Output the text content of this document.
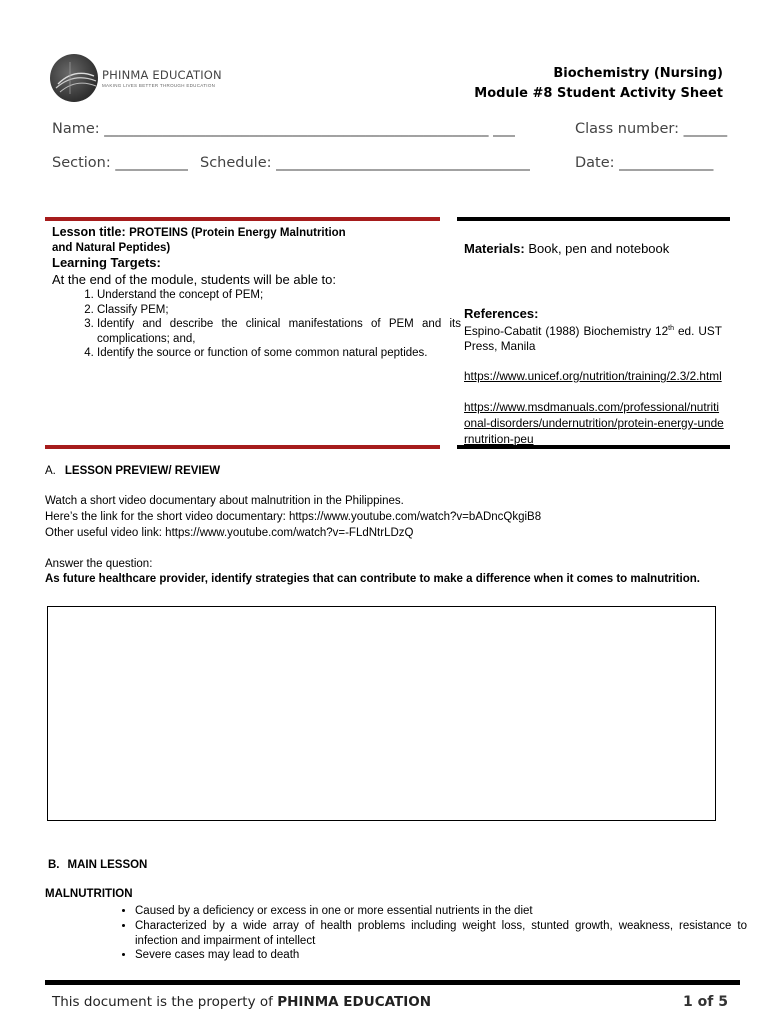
PHINMA EDUCATION
MAKING LIVES BETTER THROUGH EDUCATION
Biochemistry (Nursing)
Module #8 Student Activity Sheet
Name: _____________________________________________________ ___	Class number: ______
Section: __________ Schedule: ___________________________________	Date: _____________
Lesson title: PROTEINS (Protein Energy Malnutrition
and Natural Peptides)
Learning Targets:
At the end of the module, students will be able to:
1. Understand the concept of PEM;
2. Classify PEM;
3. Identify and describe the clinical manifestations of PEM and its complications; and,
4. Identify the source or function of some common natural peptides.
Materials: Book, pen and notebook
References:
Espino-Cabatit (1988) Biochemistry 12th ed. UST Press, Manila
https://www.unicef.org/nutrition/training/2.3/2.html
https://www.msdmanuals.com/professional/nutritional-disorders/undernutrition/protein-energy-undernutrition-peu
A. LESSON PREVIEW/ REVIEW
Watch a short video documentary about malnutrition in the Philippines.
Here’s the link for the short video documentary: https://www.youtube.com/watch?v=bADncQkgiB8
Other useful video link: https://www.youtube.com/watch?v=-FLdNtrLDzQ
Answer the question:
As future healthcare provider, identify strategies that can contribute to make a difference when it comes to malnutrition.
B. MAIN LESSON
MALNUTRITION
• Caused by a deficiency or excess in one or more essential nutrients in the diet
• Characterized by a wide array of health problems including weight loss, stunted growth, weakness, resistance to infection and impairment of intellect
• Severe cases may lead to death
This document is the property of PHINMA EDUCATION	1 of 5
